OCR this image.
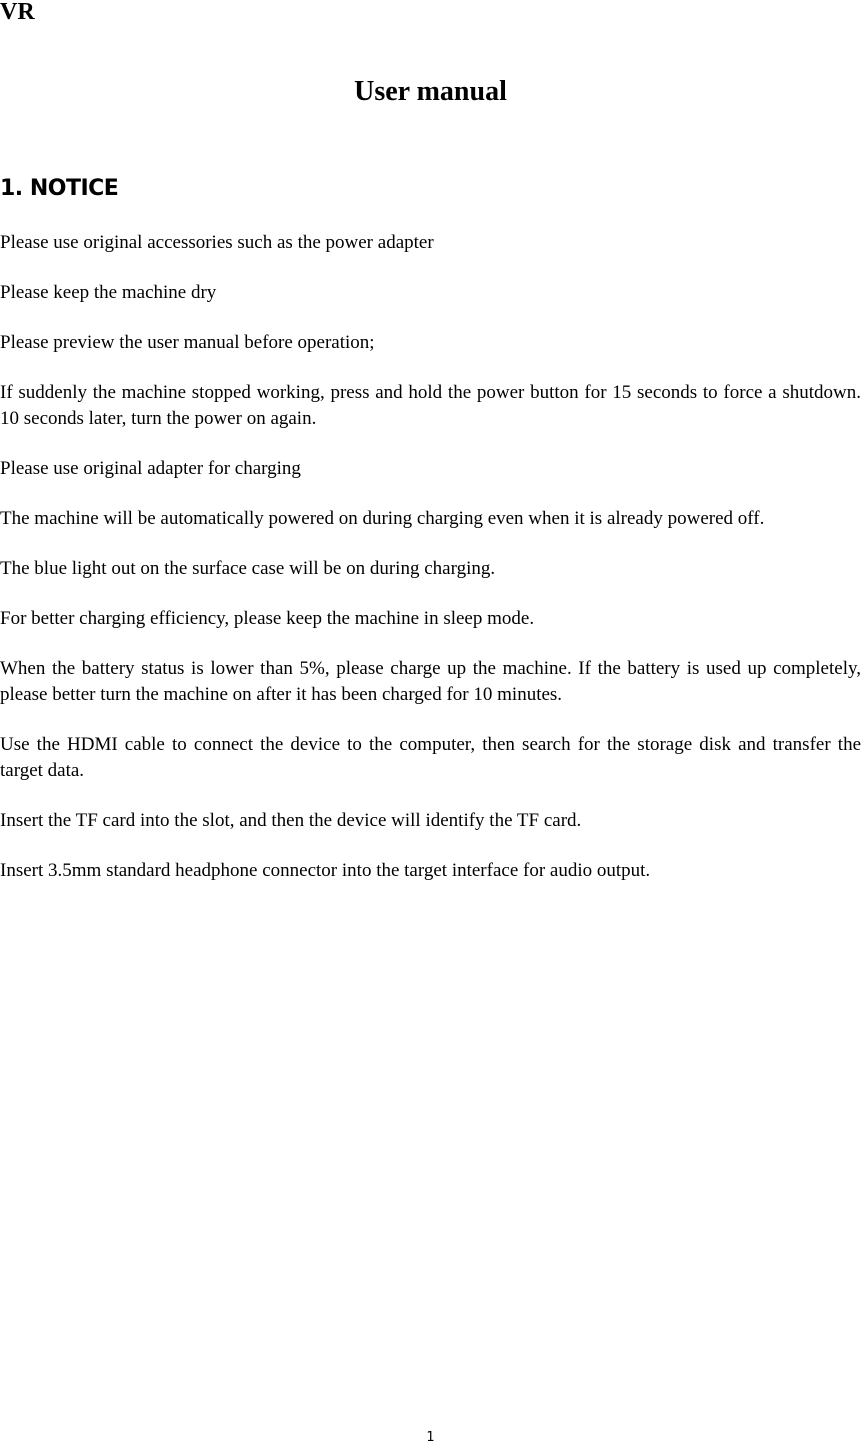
VR
User manual
1. NOTICE

Please use original accessories such as the power adapter

Please keep the machine dry

Please preview the user manual before operation;

If suddenly the machine stopped working, press and hold the power button for 15 seconds to force a shutdown. 10 seconds later, turn the power on again.

Please use original adapter for charging

The machine will be automatically powered on during charging even when it is already powered off.

The blue light out on the surface case will be on during charging.

For better charging efficiency, please keep the machine in sleep mode.

When the battery status is lower than 5%, please charge up the machine. If the battery is used up completely, please better turn the machine on after it has been charged for 10 minutes.

Use the HDMI cable to connect the device to the computer, then search for the storage disk and transfer the target data.

Insert the TF card into the slot, and then the device will identify the TF card.

Insert 3.5mm standard headphone connector into the target interface for audio output.

1
